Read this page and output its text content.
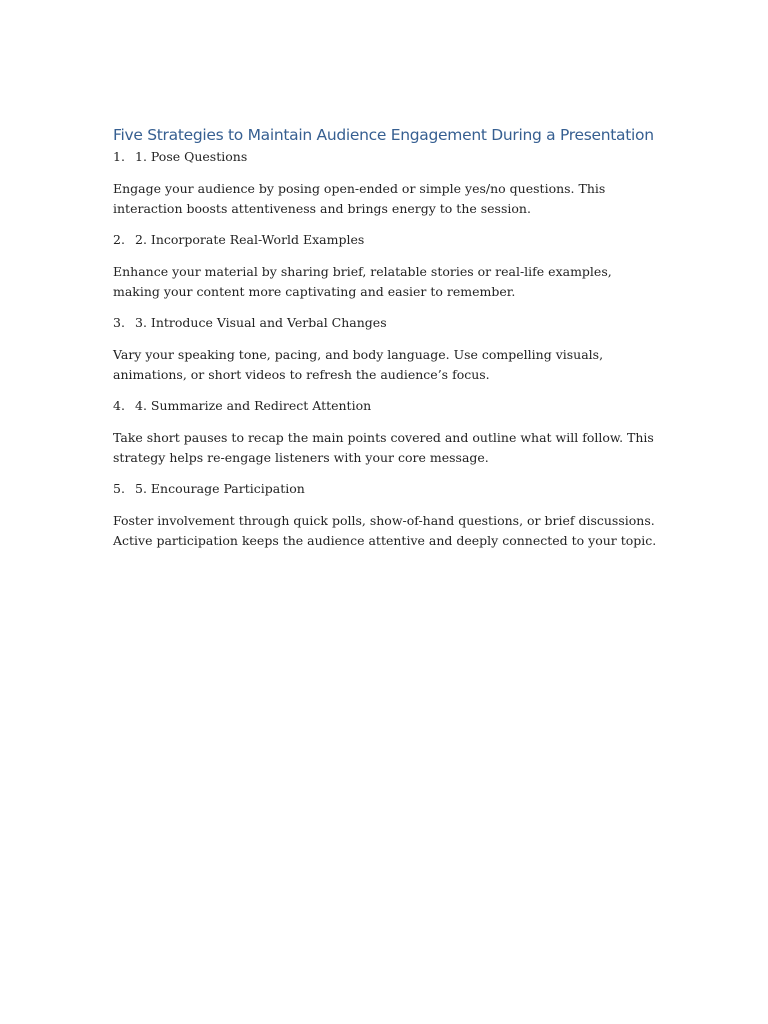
Five Strategies to Maintain Audience Engagement During a Presentation
1. 1. Pose Questions

Engage your audience by posing open-ended or simple yes/no questions. This interaction boosts attentiveness and brings energy to the session.

2. 2. Incorporate Real-World Examples

Enhance your material by sharing brief, relatable stories or real-life examples, making your content more captivating and easier to remember.

3. 3. Introduce Visual and Verbal Changes

Vary your speaking tone, pacing, and body language. Use compelling visuals, animations, or short videos to refresh the audience’s focus.

4. 4. Summarize and Redirect Attention

Take short pauses to recap the main points covered and outline what will follow. This strategy helps re-engage listeners with your core message.

5. 5. Encourage Participation

Foster involvement through quick polls, show-of-hand questions, or brief discussions. Active participation keeps the audience attentive and deeply connected to your topic.
